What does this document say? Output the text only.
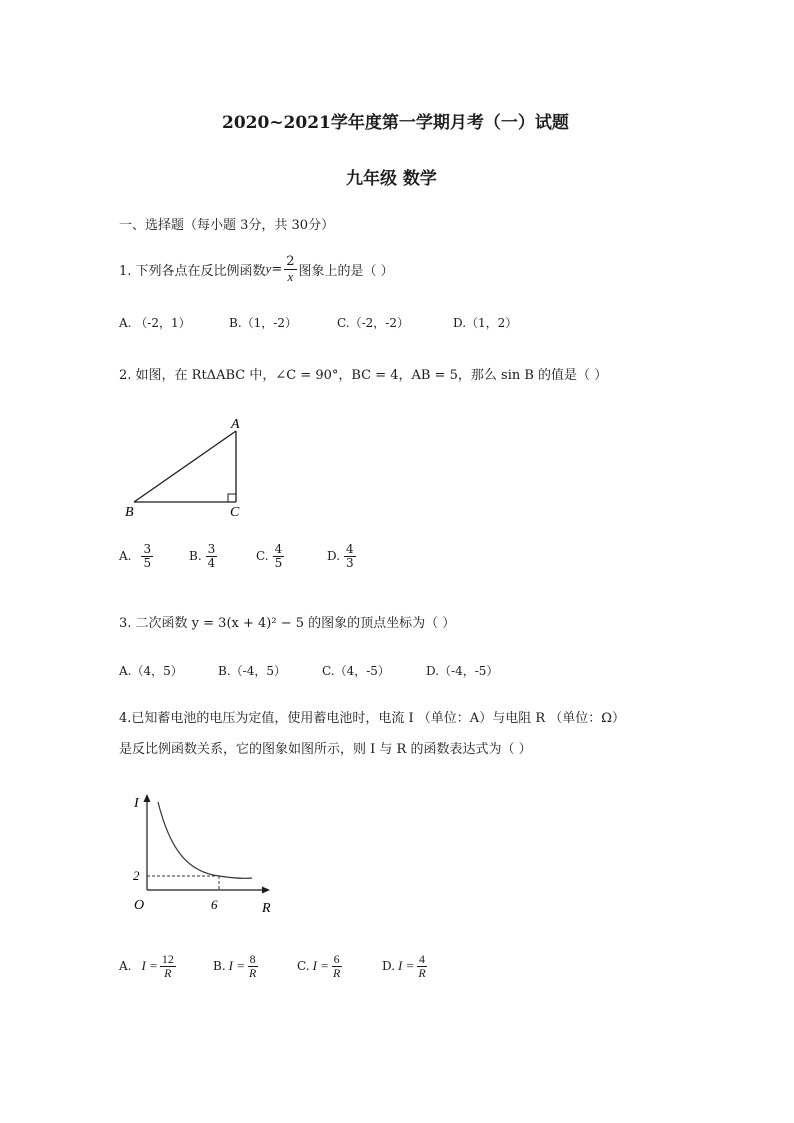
2020~2021学年度第一学期月考（一）试题
九年级 数学
一、选择题（每小题 3分，共 30分）
1. 下列各点在反比例函数 $y = \frac{2}{x}$ 图象上的是（ ）
A. （-2，1）	B.（1，-2）	C.（-2，-2）	D.（1，2）
2. 如图，在 RtΔABC 中，∠C = 90°，BC = 4，AB = 5，那么 sin B 的值是（ ）
A
B	C
A. $\frac{3}{5}$	B. $\frac{3}{4}$	C. $\frac{4}{5}$	D. $\frac{4}{3}$
3. 二次函数 y = 3(x + 4)² − 5 的图象的顶点坐标为（ ）
A.（4，5）	B.（-4，5）	C.（4，-5）	D.（-4，-5）
4.已知蓄电池的电压为定值，使用蓄电池时，电流 I （单位：A）与电阻 R （单位：Ω）
是反比例函数关系，它的图象如图所示，则 I 与 R 的函数表达式为（ ）
I
R
O
2
6
A. $I = \frac{12}{R}$	B. $I = \frac{8}{R}$	C. $I = \frac{6}{R}$	D. $I = \frac{4}{R}$
